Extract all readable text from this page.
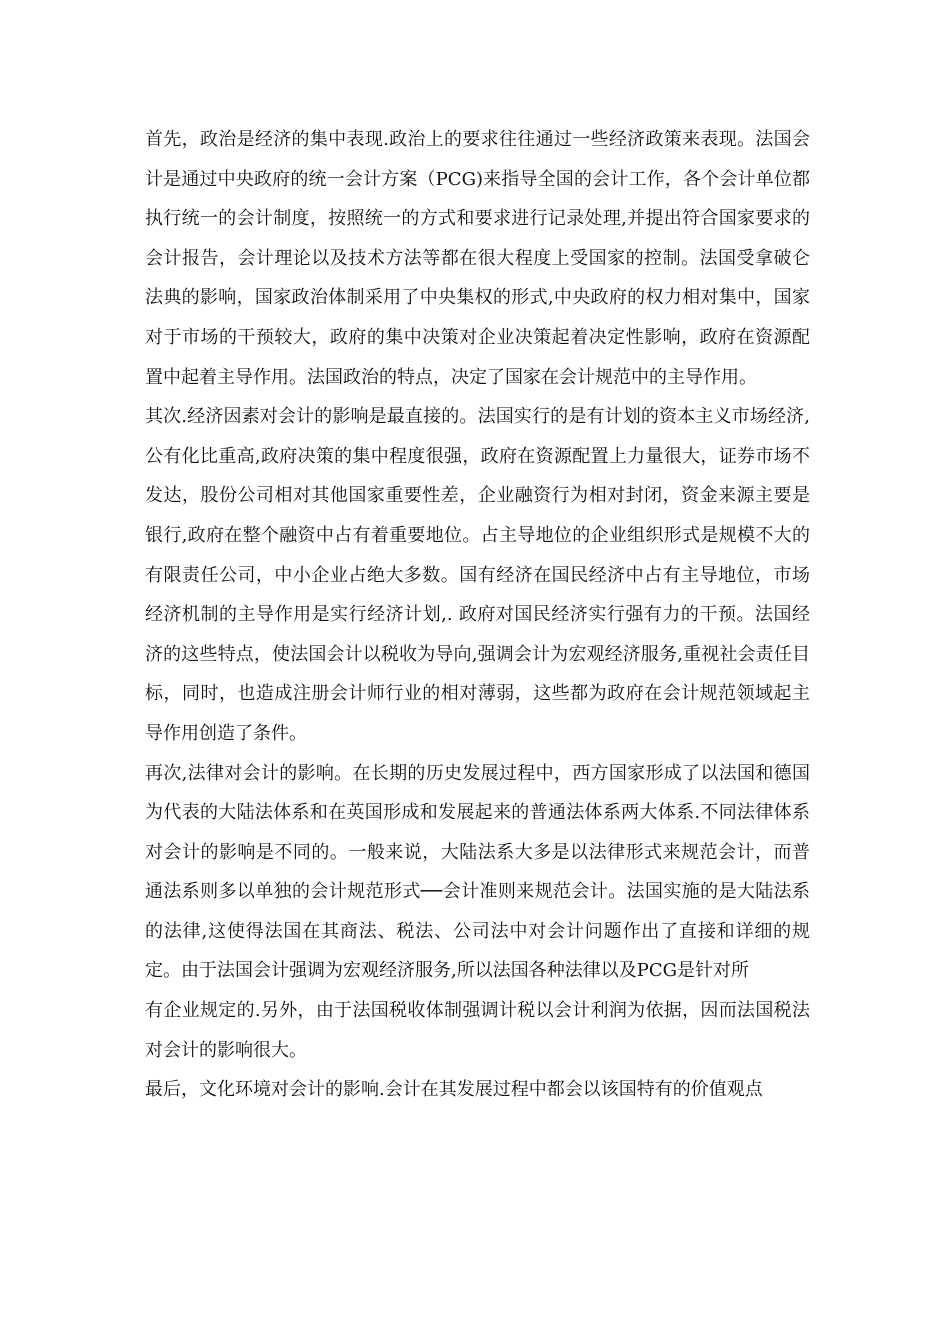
首先，政治是经济的集中表现.政治上的要求往往通过一些经济政策来表现。法国会计是通过中央政府的统一会计方案（PCG)来指导全国的会计工作，各个会计单位都执行统一的会计制度，按照统一的方式和要求进行记录处理,并提出符合国家要求的会计报告，会计理论以及技术方法等都在很大程度上受国家的控制。法国受拿破仑法典的影响，国家政治体制采用了中央集权的形式,中央政府的权力相对集中，国家对于市场的干预较大，政府的集中决策对企业决策起着决定性影响，政府在资源配置中起着主导作用。法国政治的特点，决定了国家在会计规范中的主导作用。

其次.经济因素对会计的影响是最直接的。法国实行的是有计划的资本主义市场经济,公有化比重高,政府决策的集中程度很强，政府在资源配置上力量很大，证券市场不发达，股份公司相对其他国家重要性差，企业融资行为相对封闭，资金来源主要是银行,政府在整个融资中占有着重要地位。占主导地位的企业组织形式是规模不大的有限责任公司，中小企业占绝大多数。国有经济在国民经济中占有主导地位，市场经济机制的主导作用是实行经济计划,. 政府对国民经济实行强有力的干预。法国经济的这些特点，使法国会计以税收为导向,强调会计为宏观经济服务,重视社会责任目标，同时，也造成注册会计师行业的相对薄弱，这些都为政府在会计规范领域起主导作用创造了条件。

再次,法律对会计的影响。在长期的历史发展过程中，西方国家形成了以法国和德国为代表的大陆法体系和在英国形成和发展起来的普通法体系两大体系.不同法律体系对会计的影响是不同的。一般来说，大陆法系大多是以法律形式来规范会计，而普通法系则多以单独的会计规范形式──会计准则来规范会计。法国实施的是大陆法系的法律,这使得法国在其商法、税法、公司法中对会计问题作出了直接和详细的规定。由于法国会计强调为宏观经济服务,所以法国各种法律以及PCG是针对所

有企业规定的.另外，由于法国税收体制强调计税以会计利润为依据，因而法国税法对会计的影响很大。

最后，文化环境对会计的影响.会计在其发展过程中都会以该国特有的价值观点
